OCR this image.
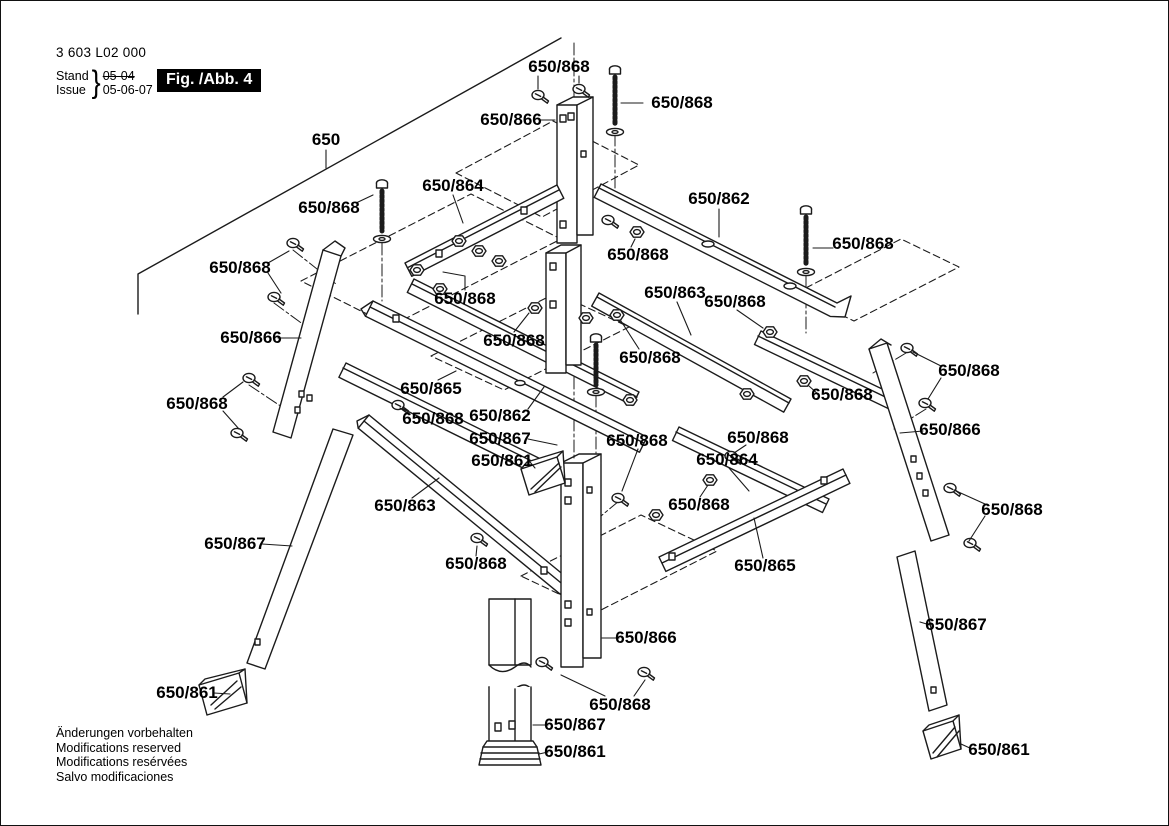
650/868
650/868
650/866
650
650/864
650/862
650/868
650/868
650/868
650/868
650/868	650/863
650/868
650/866	650/868
650/868
650/868
650/865	650/868
650/868
650/862
650/868
650/866
650/867	650/868	650/868
650/864
650/861
650/868
650/863	650/868
650/867
650/868	650/865
650/867
650/866
650/861
650/868
650/867
650/861	650/861
3 603 L02 000
Stand
Issue } 05-04
05-06-07
Fig. /Abb. 4
Änderungen vorbehalten
Modifications reserved
Modifications resérvées
Salvo modificaciones
